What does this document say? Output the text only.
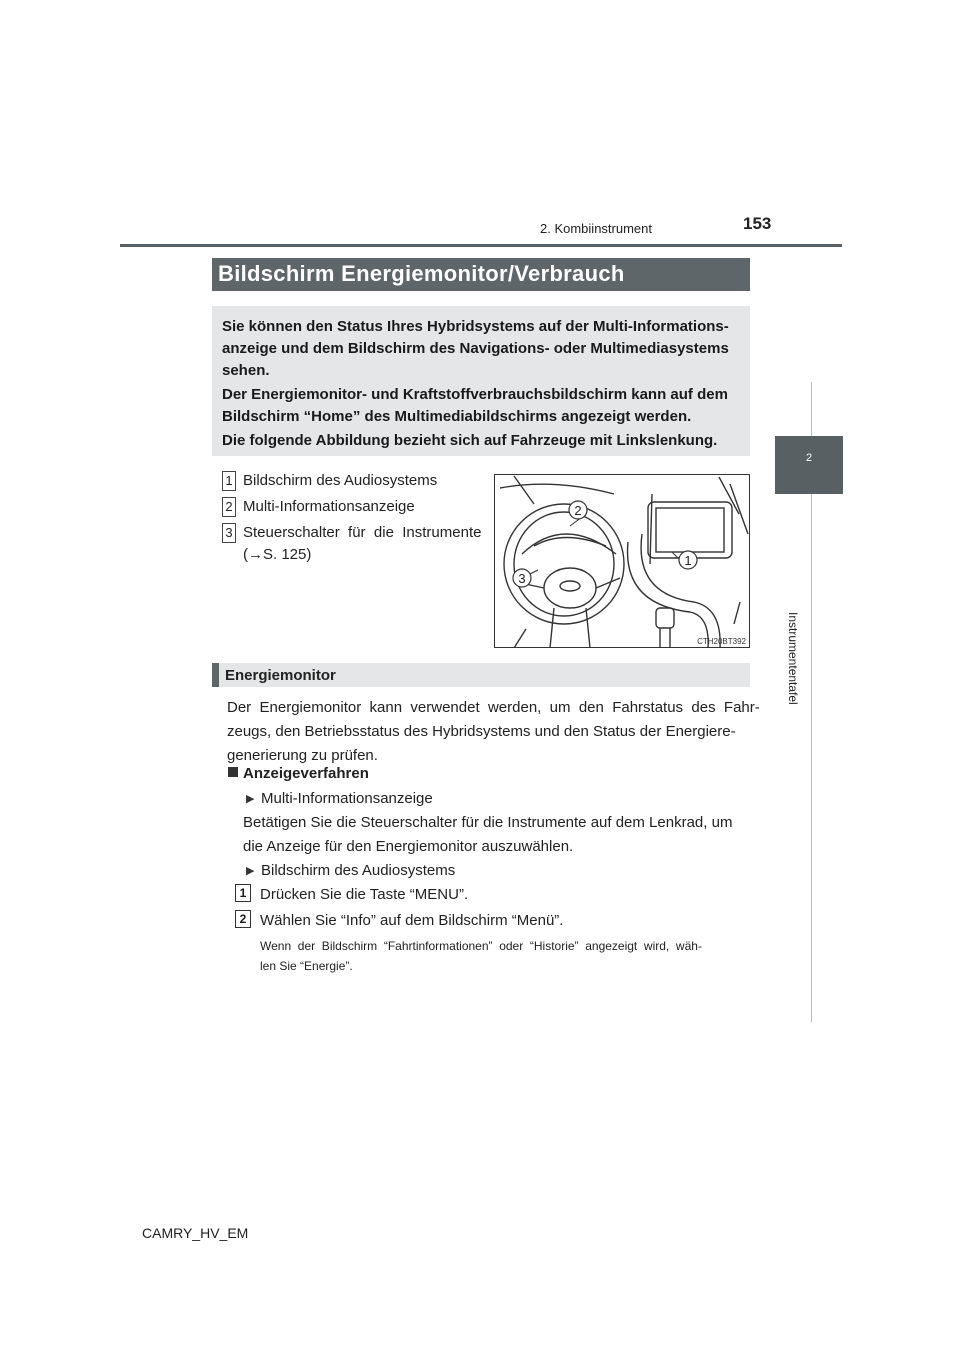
2. Kombiinstrument	153
2
Instrumententafel
Bildschirm Energiemonitor/Verbrauch
Sie können den Status Ihres Hybridsystems auf der Multi-Informations-
anzeige und dem Bildschirm des Navigations- oder Multimediasystems
sehen.
Der Energiemonitor- und Kraftstoffverbrauchsbildschirm kann auf dem
Bildschirm “Home” des Multimediabildschirms angezeigt werden.
Die folgende Abbildung bezieht sich auf Fahrzeuge mit Linkslenkung.
1 Bildschirm des Audiosystems
2 Multi-Informationsanzeige
3 Steuerschalter  für  die  Instrumente
(→S. 125)
2
1
3
CTH20BT392
Energiemonitor
Der  Energiemonitor  kann  verwendet  werden,  um  den  Fahrstatus  des  Fahr-
zeugs, den Betriebsstatus des Hybridsystems und den Status der Energiere-
generierung zu prüfen.
Anzeigeverfahren
▶ Multi-Informationsanzeige
Betätigen Sie die Steuerschalter für die Instrumente auf dem Lenkrad, um
die Anzeige für den Energiemonitor auszuwählen.
▶ Bildschirm des Audiosystems
1 Drücken Sie die Taste “MENU”.
2 Wählen Sie “Info” auf dem Bildschirm “Menü”.
Wenn  der  Bildschirm  “Fahrtinformationen”  oder  “Historie”  angezeigt  wird,  wäh-
len Sie “Energie”.
CAMRY_HV_EM
